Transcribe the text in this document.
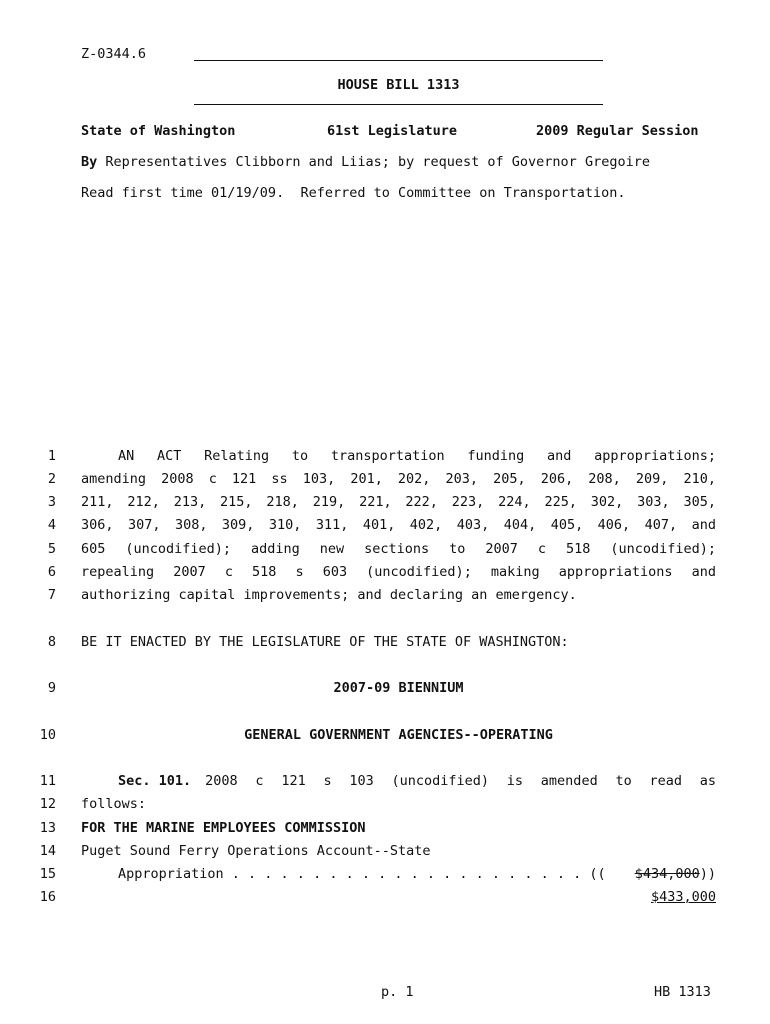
Z-0344.6
HOUSE BILL 1313
State of Washington	61st Legislature	2009 Regular Session
By Representatives Clibborn and Liias; by request of Governor Gregoire
Read first time 01/19/09.  Referred to Committee on Transportation.
1
2
3
4
5
6
7
8
9
10
11
12
13
14
15
16
AN ACT Relating to transportation funding and appropriations;
amending 2008 c 121 ss 103, 201, 202, 203, 205, 206, 208, 209, 210,
211, 212, 213, 215, 218, 219, 221, 222, 223, 224, 225, 302, 303, 305,
306, 307, 308, 309, 310, 311, 401, 402, 403, 404, 405, 406, 407, and
605 (uncodified); adding new sections to 2007 c 518 (uncodified);
repealing 2007 c 518 s 603 (uncodified); making appropriations and
authorizing capital improvements; and declaring an emergency.
BE IT ENACTED BY THE LEGISLATURE OF THE STATE OF WASHINGTON:
2007-09 BIENNIUM
GENERAL GOVERNMENT AGENCIES--OPERATING
Sec. 101. 2008 c 121 s 103 (uncodified) is amended to read as
follows:
FOR THE MARINE EMPLOYEES COMMISSION
Puget Sound Ferry Operations Account--State
Appropriation . . . . . . . . . . . . . . . . . . . . . . (( $434,000))
$433,000
p. 1	HB 1313
